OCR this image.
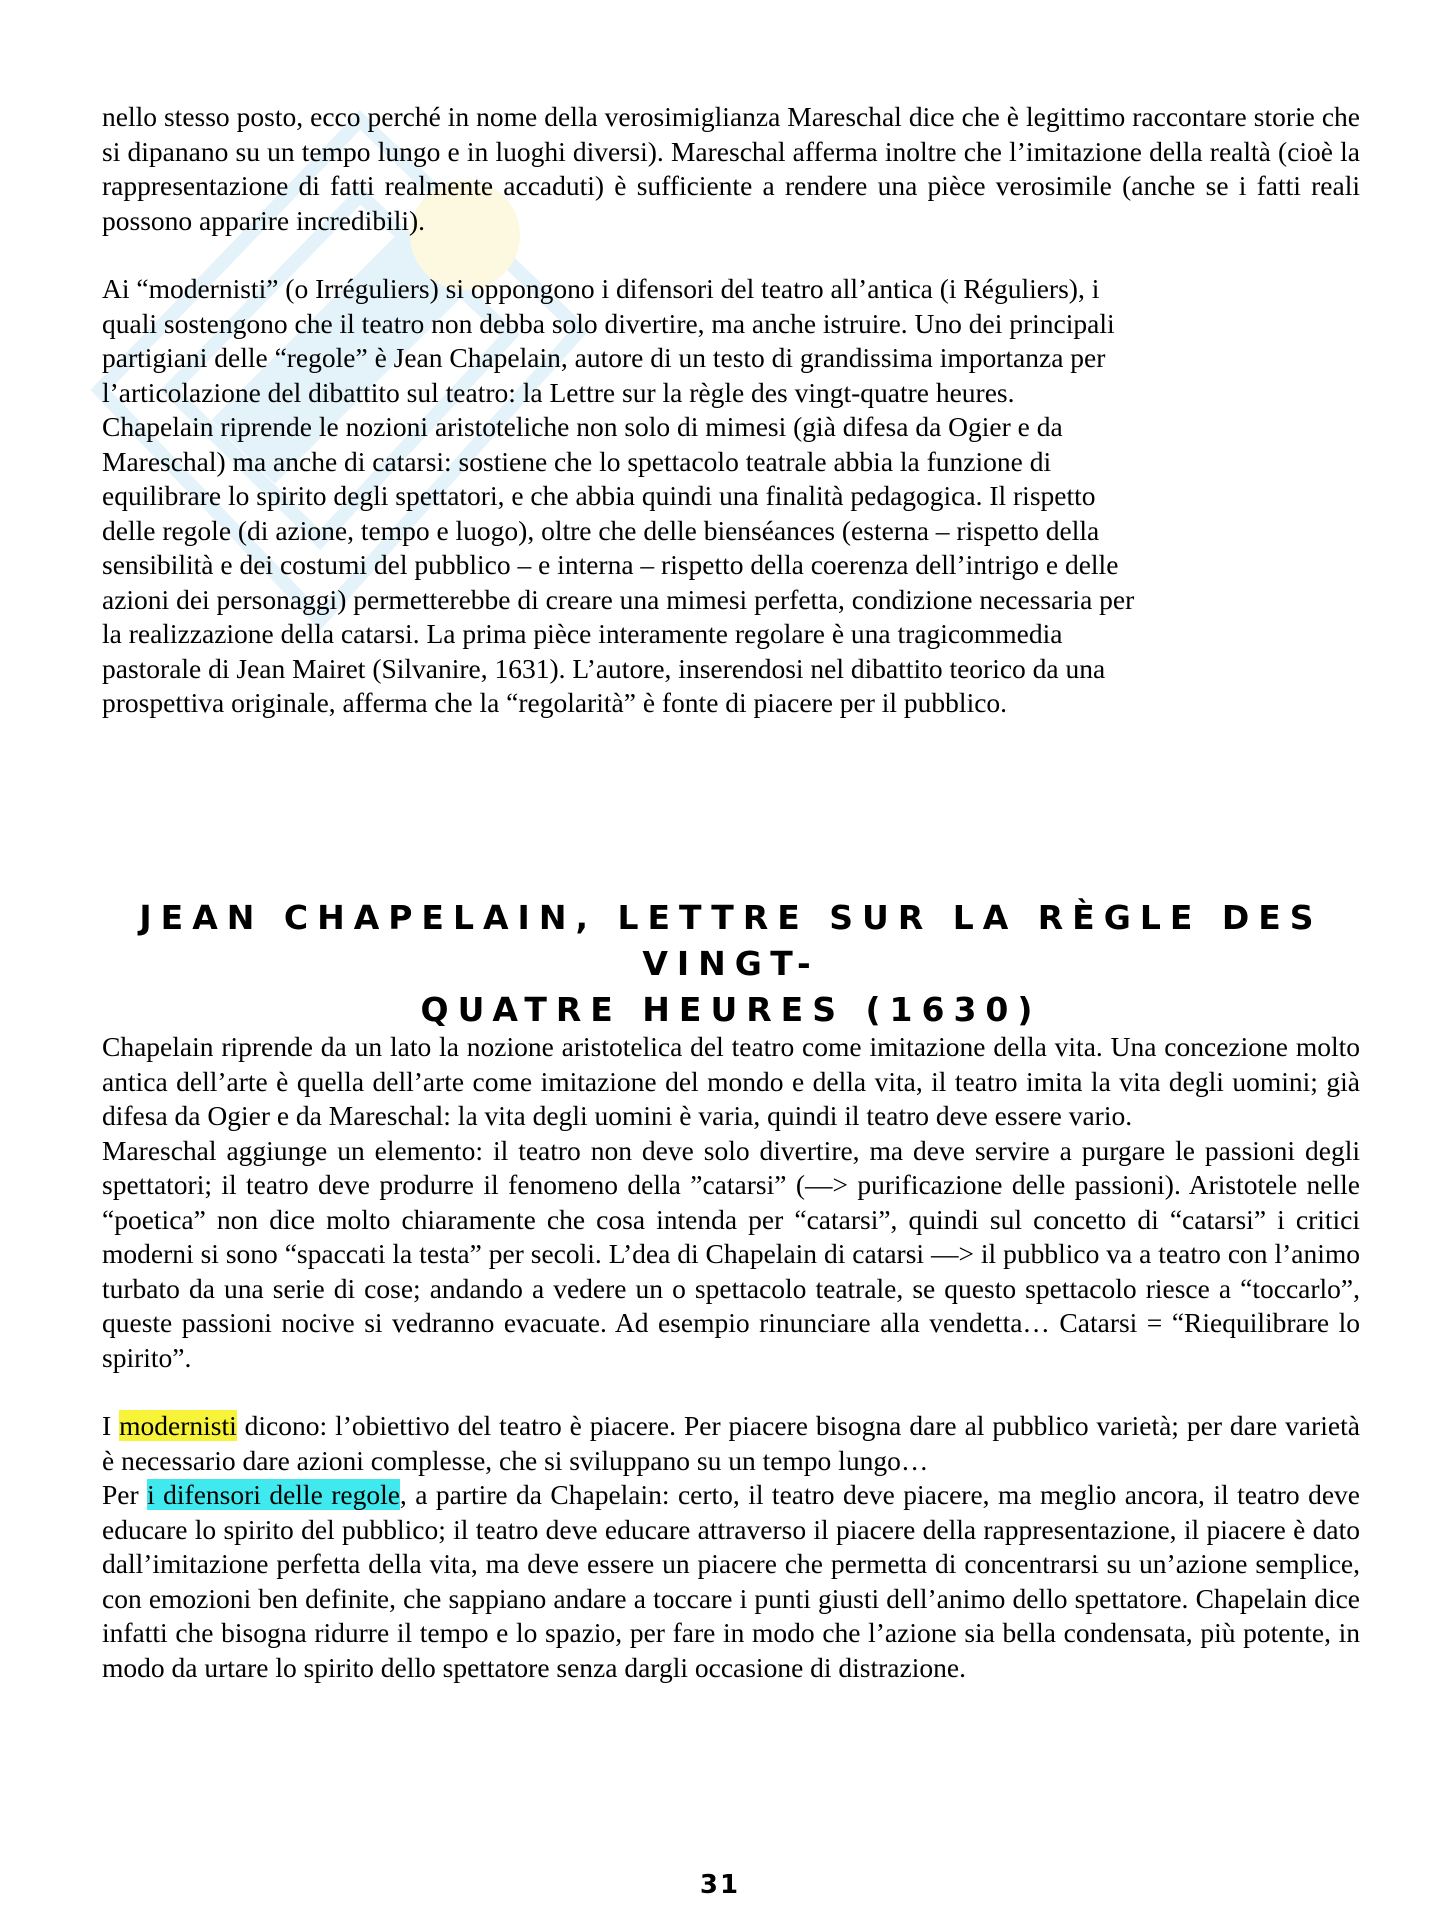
nello stesso posto, ecco perché in nome della verosimiglianza Mareschal dice che è legittimo raccontare storie che si dipanano su un tempo lungo e in luoghi diversi). Mareschal afferma inoltre che l’imitazione della realtà (cioè la rappresentazione di fatti realmente accaduti) è sufficiente a rendere una pièce verosimile (anche se i fatti reali possono apparire incredibili).

Ai “modernisti” (o Irréguliers) si oppongono i difensori del teatro all’antica (i Réguliers), i

quali sostengono che il teatro non debba solo divertire, ma anche istruire. Uno dei principali

partigiani delle “regole” è Jean Chapelain, autore di un testo di grandissima importanza per

l’articolazione del dibattito sul teatro: la Lettre sur la règle des vingt-quatre heures.

Chapelain riprende le nozioni aristoteliche non solo di mimesi (già difesa da Ogier e da

Mareschal) ma anche di catarsi: sostiene che lo spettacolo teatrale abbia la funzione di

equilibrare lo spirito degli spettatori, e che abbia quindi una finalità pedagogica. Il rispetto

delle regole (di azione, tempo e luogo), oltre che delle bienséances (esterna – rispetto della

sensibilità e dei costumi del pubblico – e interna – rispetto della coerenza dell’intrigo e delle

azioni dei personaggi) permetterebbe di creare una mimesi perfetta, condizione necessaria per

la realizzazione della catarsi. La prima pièce interamente regolare è una tragicommedia

pastorale di Jean Mairet (Silvanire, 1631). L’autore, inserendosi nel dibattito teorico da una

prospettiva originale, afferma che la “regolarità” è fonte di piacere per il pubblico.

JEAN CHAPELAIN, LETTRE SUR LA RÈGLE DES VINGT-
QUATRE HEURES (1630)

Chapelain riprende da un lato la nozione aristotelica del teatro come imitazione della vita. Una concezione molto antica dell’arte è quella dell’arte come imitazione del mondo e della vita, il teatro imita la vita degli uomini; già difesa da Ogier e da Mareschal: la vita degli uomini è varia, quindi il teatro deve essere vario.

Mareschal aggiunge un elemento: il teatro non deve solo divertire, ma deve servire a purgare le passioni degli spettatori; il teatro deve produrre il fenomeno della ”catarsi” (—> purificazione delle passioni). Aristotele nelle “poetica” non dice molto chiaramente che cosa intenda per “catarsi”, quindi sul concetto di “catarsi” i critici moderni si sono “spaccati la testa” per secoli. L’dea di Chapelain di catarsi —> il pubblico va a teatro con l’animo turbato da una serie di cose; andando a vedere un o spettacolo teatrale, se questo spettacolo riesce a “toccarlo”, queste passioni nocive si vedranno evacuate. Ad esempio rinunciare alla vendetta… Catarsi = “Riequilibrare lo spirito”.

I modernisti dicono: l’obiettivo del teatro è piacere. Per piacere bisogna dare al pubblico varietà; per dare varietà è necessario dare azioni complesse, che si sviluppano su un tempo lungo…

Per i difensori delle regole, a partire da Chapelain: certo, il teatro deve piacere, ma meglio ancora, il teatro deve educare lo spirito del pubblico; il teatro deve educare attraverso il piacere della rappresentazione, il piacere è dato dall’imitazione perfetta della vita, ma deve essere un piacere che permetta di concentrarsi su un’azione semplice, con emozioni ben definite, che sappiano andare a toccare i punti giusti dell’animo dello spettatore. Chapelain dice infatti che bisogna ridurre il tempo e lo spazio, per fare in modo che l’azione sia bella condensata, più potente, in modo da urtare lo spirito dello spettatore senza dargli occasione di distrazione.

31
